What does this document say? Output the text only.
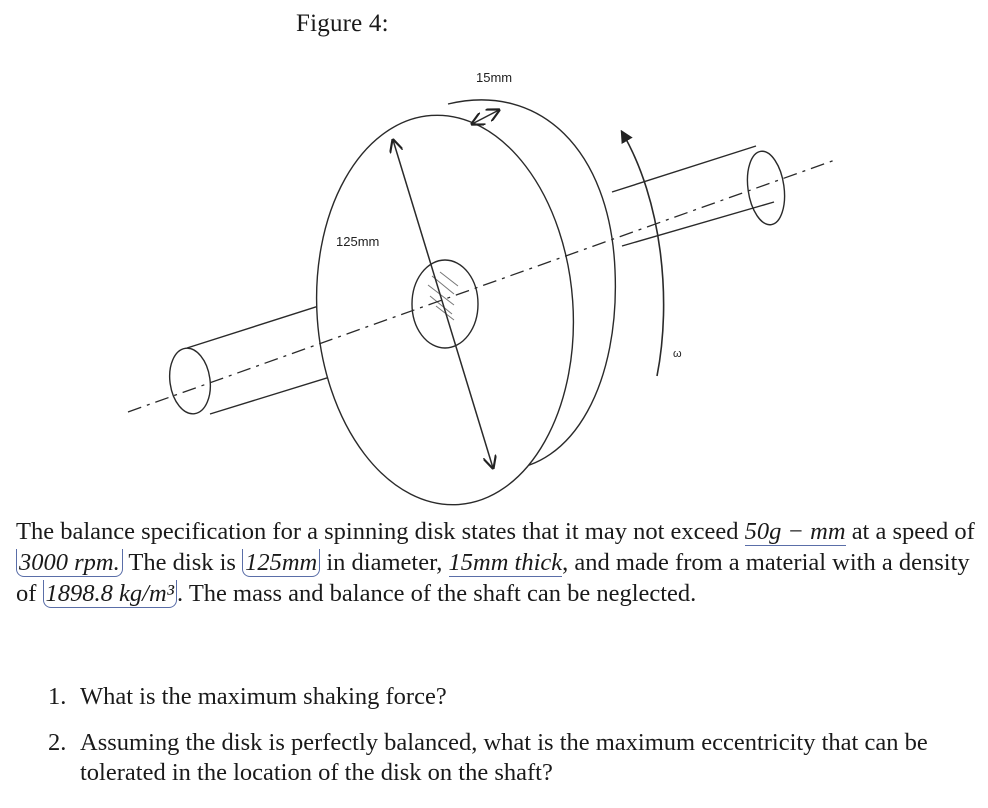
Figure 4:
15mm
125mm
ω
The balance specification for a spinning disk states that it may not exceed 50g − mm at a speed of 3000 rpm. The disk is 125mm in diameter, 15mm thick, and made from a material with a density of 1898.8 kg/m³ . The mass and balance of the shaft can be neglected.
1. What is the maximum shaking force?
2. Assuming the disk is perfectly balanced, what is the maximum eccentricity that can be tolerated in the location of the disk on the shaft?
